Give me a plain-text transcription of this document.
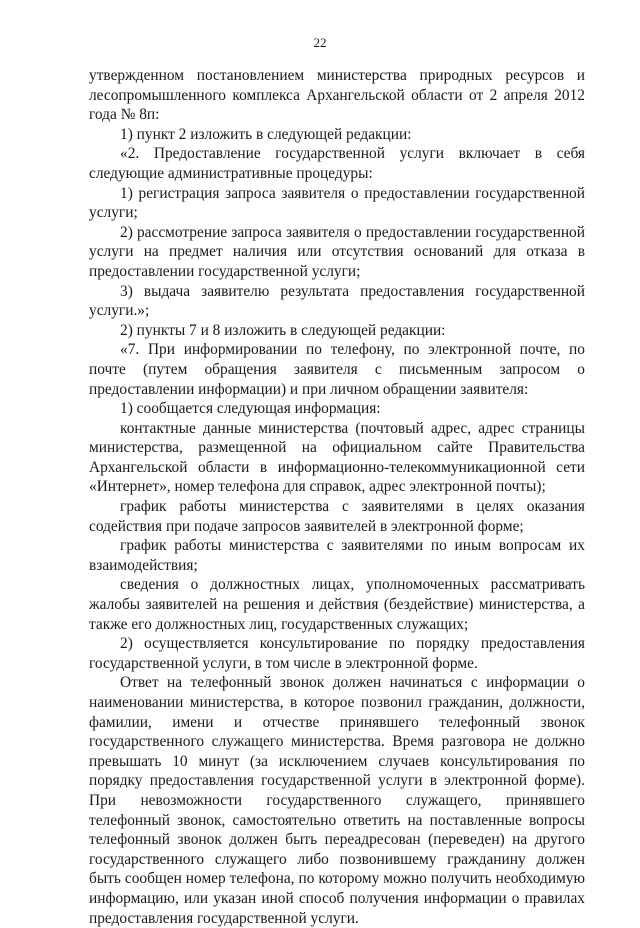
22

утвержденном постановлением министерства природных ресурсов и лесопромышленного комплекса Архангельской области от 2 апреля 2012 года № 8п:

1) пункт 2 изложить в следующей редакции:

«2. Предоставление государственной услуги включает в себя следующие административные процедуры:

1) регистрация запроса заявителя о предоставлении государственной услуги;

2) рассмотрение запроса заявителя о предоставлении государственной услуги на предмет наличия или отсутствия оснований для отказа в предоставлении государственной услуги;

3) выдача заявителю результата предоставления государственной услуги.»;

2) пункты 7 и 8 изложить в следующей редакции:

«7. При информировании по телефону, по электронной почте, по почте (путем обращения заявителя с письменным запросом о предоставлении информации) и при личном обращении заявителя:

1) сообщается следующая информация:

контактные данные министерства (почтовый адрес, адрес страницы министерства, размещенной на официальном сайте Правительства Архангельской области в информационно-телекоммуникационной сети «Интернет», номер телефона для справок, адрес электронной почты);

график работы министерства с заявителями в целях оказания содействия при подаче запросов заявителей в электронной форме;

график работы министерства с заявителями по иным вопросам их взаимодействия;

сведения о должностных лицах, уполномоченных рассматривать жалобы заявителей на решения и действия (бездействие) министерства, а также его должностных лиц, государственных служащих;

2) осуществляется консультирование по порядку предоставления государственной услуги, в том числе в электронной форме.

Ответ на телефонный звонок должен начинаться с информации о наименовании министерства, в которое позвонил гражданин, должности, фамилии, имени и отчестве принявшего телефонный звонок государственного служащего министерства. Время разговора не должно превышать 10 минут (за исключением случаев консультирования по порядку предоставления государственной услуги в электронной форме). При невозможности государственного служащего, принявшего телефонный звонок, самостоятельно ответить на поставленные вопросы телефонный звонок должен быть переадресован (переведен) на другого государственного служащего либо позвонившему гражданину должен быть сообщен номер телефона, по которому можно получить необходимую информацию, или указан иной способ получения информации о правилах предоставления государственной услуги.
